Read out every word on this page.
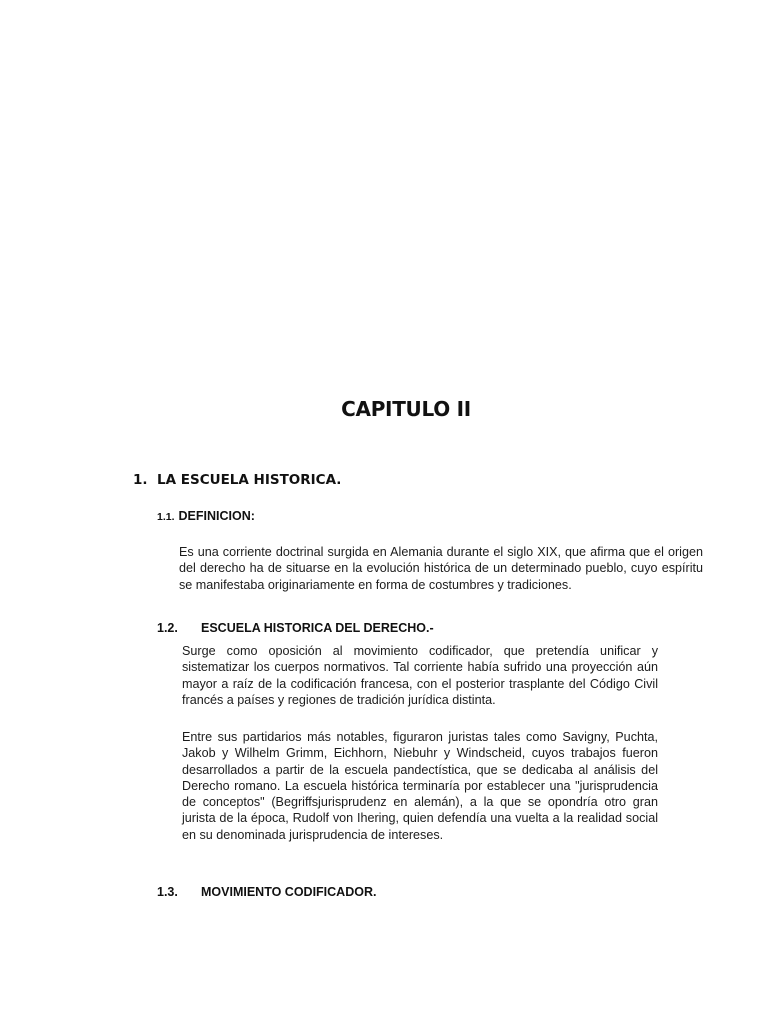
CAPITULO II
1. LA ESCUELA HISTORICA.
1.1. DEFINICION:

Es una corriente doctrinal surgida en Alemania durante el siglo XIX, que afirma que el origen del derecho ha de situarse en la evolución histórica de un determinado pueblo, cuyo espíritu se manifestaba originariamente en forma de costumbres y tradiciones.

1.2. ESCUELA HISTORICA DEL DERECHO.-

Surge como oposición al movimiento codificador, que pretendía unificar y sistematizar los cuerpos normativos. Tal corriente había sufrido una proyección aún mayor a raíz de la codificación francesa, con el posterior trasplante del Código Civil francés a países y regiones de tradición jurídica distinta.

Entre sus partidarios más notables, figuraron juristas tales como Savigny, Puchta, Jakob y Wilhelm Grimm, Eichhorn, Niebuhr y Windscheid, cuyos trabajos fueron desarrollados a partir de la escuela pandectística, que se dedicaba al análisis del Derecho romano. La escuela histórica terminaría por establecer una "jurisprudencia de conceptos" (Begriffsjurisprudenz en alemán), a la que se opondría otro gran jurista de la época, Rudolf von Ihering, quien defendía una vuelta a la realidad social en su denominada jurisprudencia de intereses.

1.3. MOVIMIENTO CODIFICADOR.
